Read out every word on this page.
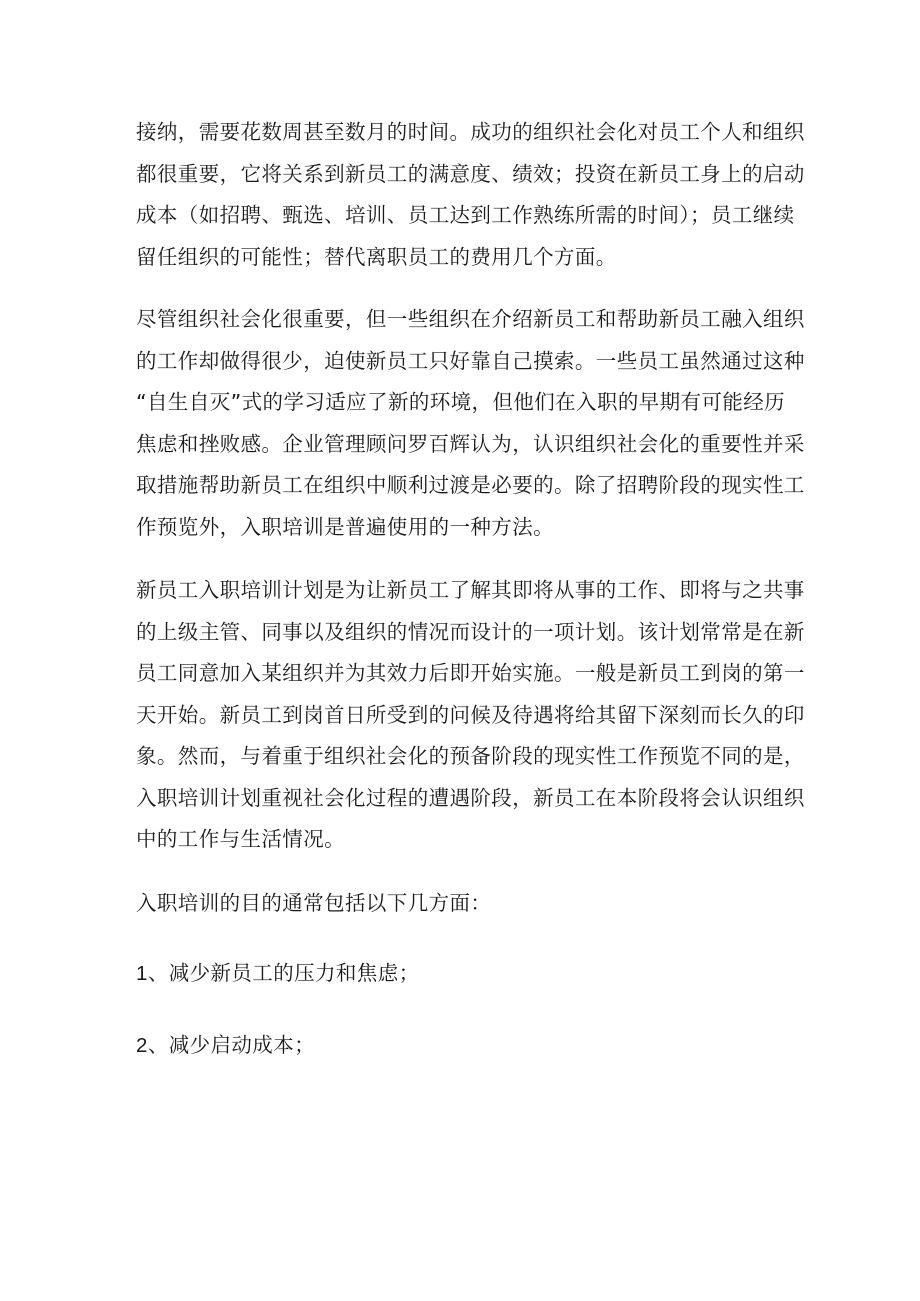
接纳，需要花数周甚至数月的时间。成功的组织社会化对员工个人和组织
都很重要，它将关系到新员工的满意度、绩效；投资在新员工身上的启动
成本（如招聘、甄选、培训、员工达到工作熟练所需的时间）；员工继续
留任组织的可能性；替代离职员工的费用几个方面。

尽管组织社会化很重要，但一些组织在介绍新员工和帮助新员工融入组织
的工作却做得很少，迫使新员工只好靠自己摸索。一些员工虽然通过这种
“自生自灭”式的学习适应了新的环境，但他们在入职的早期有可能经历
焦虑和挫败感。企业管理顾问罗百辉认为，认识组织社会化的重要性并采
取措施帮助新员工在组织中顺利过渡是必要的。除了招聘阶段的现实性工
作预览外，入职培训是普遍使用的一种方法。

新员工入职培训计划是为让新员工了解其即将从事的工作、即将与之共事
的上级主管、同事以及组织的情况而设计的一项计划。该计划常常是在新
员工同意加入某组织并为其效力后即开始实施。一般是新员工到岗的第一
天开始。新员工到岗首日所受到的问候及待遇将给其留下深刻而长久的印
象。然而，与着重于组织社会化的预备阶段的现实性工作预览不同的是，
入职培训计划重视社会化过程的遭遇阶段，新员工在本阶段将会认识组织
中的工作与生活情况。

入职培训的目的通常包括以下几方面：

1、减少新员工的压力和焦虑；

2、减少启动成本；
